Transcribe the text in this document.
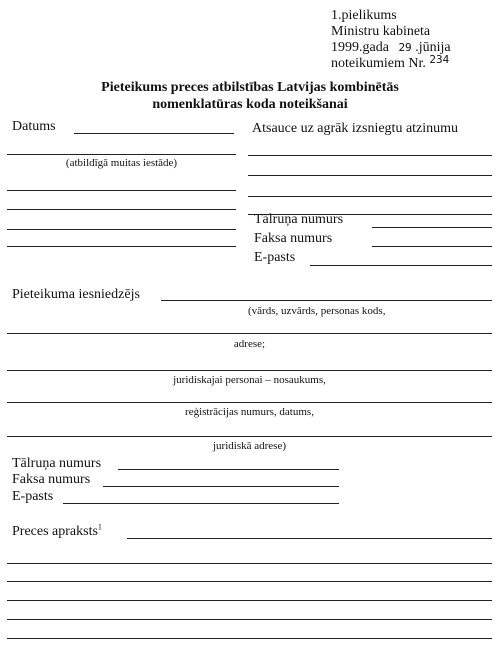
1.pielikums
Ministru kabineta
1999.gada 29 .jūnija
noteikumiem Nr. $^{234}$
Pieteikums preces atbilstības Latvijas kombinētās
nomenklatūras koda noteikšanai
Datums
(atbildīgā muitas iestāde)
Atsauce uz agrāk izsniegtu atzinumu
Tālruņa numurs
Faksa numurs
E-pasts
Pieteikuma iesniedzējs
(vārds, uzvārds, personas kods,
adrese;
juridiskajai personai – nosaukums,
reģistrācijas numurs, datums,
juridiskā adrese)
Tālruņa numurs
Faksa numurs
E-pasts
Preces apraksts$^1$
